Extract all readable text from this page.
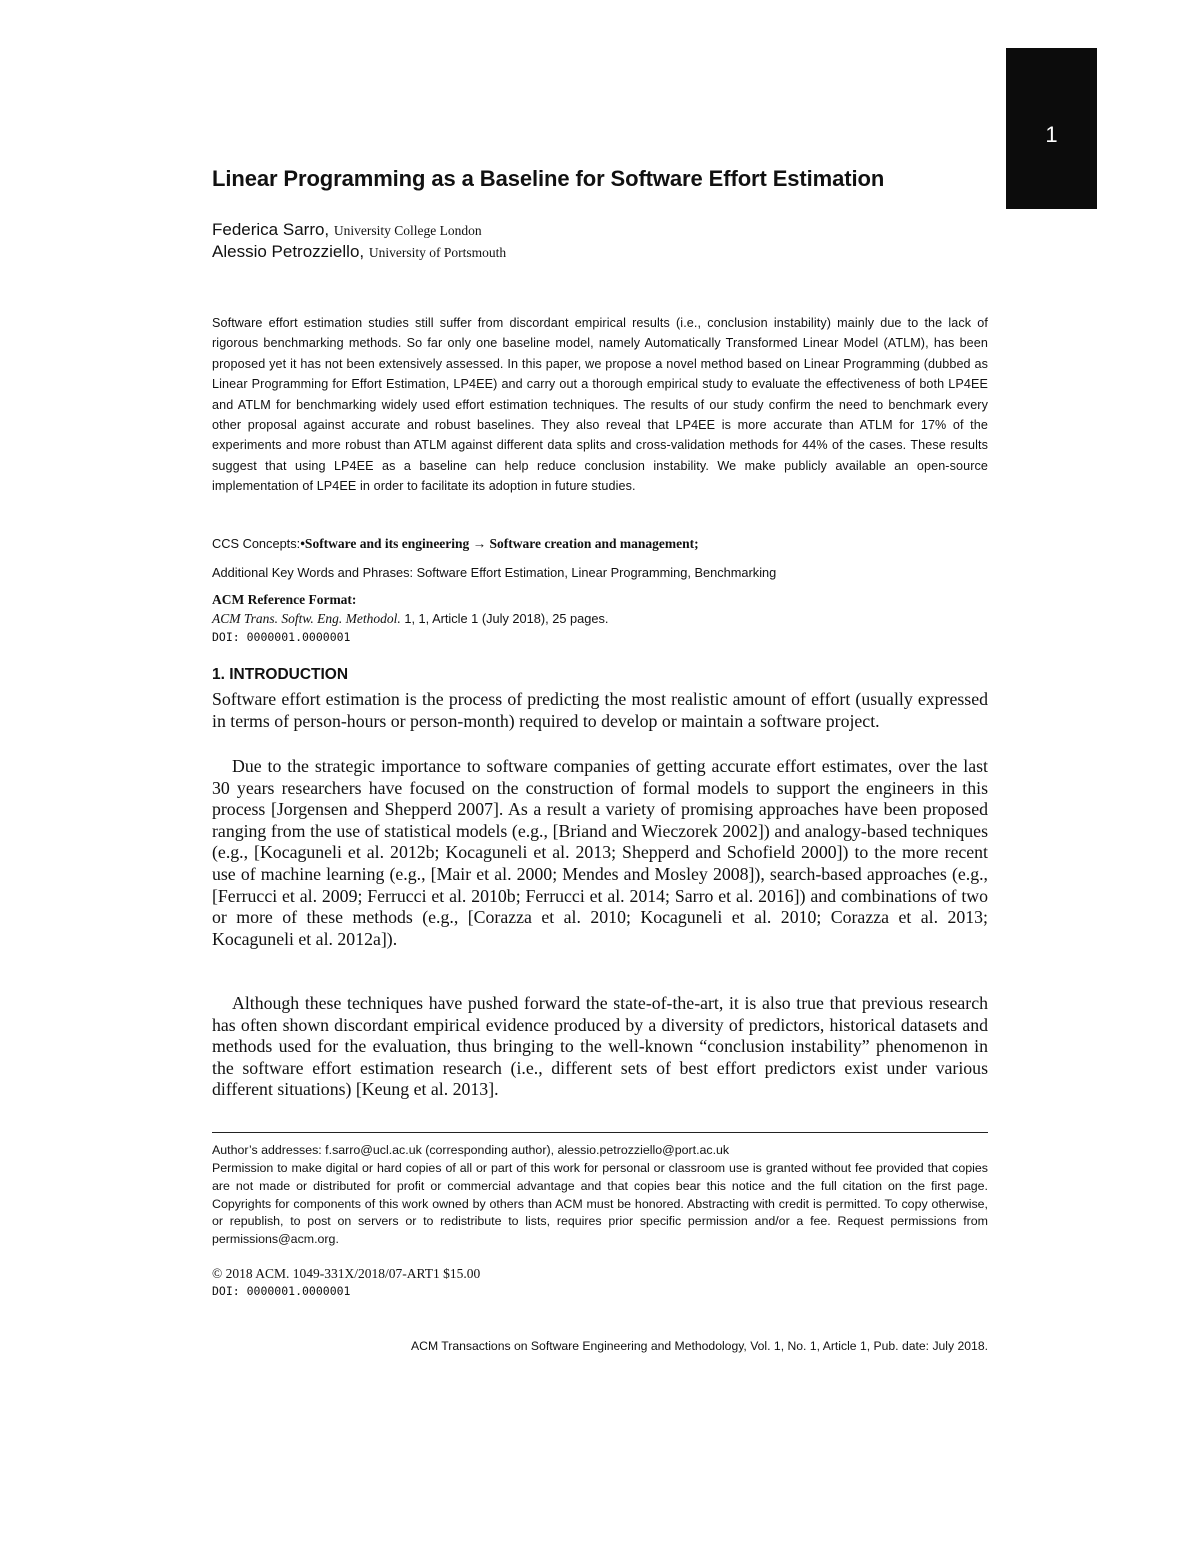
1
Linear Programming as a Baseline for Software Effort Estimation
Federica Sarro, University College London
Alessio Petrozziello, University of Portsmouth
Software effort estimation studies still suffer from discordant empirical results (i.e., conclusion instability) mainly due to the lack of rigorous benchmarking methods. So far only one baseline model, namely Automatically Transformed Linear Model (ATLM), has been proposed yet it has not been extensively assessed. In this paper, we propose a novel method based on Linear Programming (dubbed as Linear Programming for Effort Estimation, LP4EE) and carry out a thorough empirical study to evaluate the effectiveness of both LP4EE and ATLM for benchmarking widely used effort estimation techniques. The results of our study confirm the need to benchmark every other proposal against accurate and robust baselines. They also reveal that LP4EE is more accurate than ATLM for 17% of the experiments and more robust than ATLM against different data splits and cross-validation methods for 44% of the cases. These results suggest that using LP4EE as a baseline can help reduce conclusion instability. We make publicly available an open-source implementation of LP4EE in order to facilitate its adoption in future studies.
CCS Concepts:•Software and its engineering → Software creation and management;
Additional Key Words and Phrases: Software Effort Estimation, Linear Programming, Benchmarking
ACM Reference Format:
ACM Trans. Softw. Eng. Methodol. 1, 1, Article 1 (July 2018), 25 pages.
DOI: 0000001.0000001
1. INTRODUCTION

Software effort estimation is the process of predicting the most realistic amount of effort (usually expressed in terms of person-hours or person-month) required to develop or maintain a software project.

Due to the strategic importance to software companies of getting accurate effort estimates, over the last 30 years researchers have focused on the construction of formal models to support the engineers in this process [Jorgensen and Shepperd 2007]. As a result a variety of promising approaches have been proposed ranging from the use of statistical models (e.g., [Briand and Wieczorek 2002]) and analogy-based techniques (e.g., [Kocaguneli et al. 2012b; Kocaguneli et al. 2013; Shepperd and Schofield 2000]) to the more recent use of machine learning (e.g., [Mair et al. 2000; Mendes and Mosley 2008]), search-based approaches (e.g., [Ferrucci et al. 2009; Ferrucci et al. 2010b; Ferrucci et al. 2014; Sarro et al. 2016]) and combinations of two or more of these methods (e.g., [Corazza et al. 2010; Kocaguneli et al. 2010; Corazza et al. 2013; Kocaguneli et al. 2012a]).

Although these techniques have pushed forward the state-of-the-art, it is also true that previous research has often shown discordant empirical evidence produced by a diversity of predictors, historical datasets and methods used for the evaluation, thus bringing to the well-known “conclusion instability” phenomenon in the software effort estimation research (i.e., different sets of best effort predictors exist under various different situations) [Keung et al. 2013].

Author’s addresses: f.sarro@ucl.ac.uk (corresponding author), alessio.petrozziello@port.ac.uk
Permission to make digital or hard copies of all or part of this work for personal or classroom use is granted without fee provided that copies are not made or distributed for profit or commercial advantage and that copies bear this notice and the full citation on the first page. Copyrights for components of this work owned by others than ACM must be honored. Abstracting with credit is permitted. To copy otherwise, or republish, to post on servers or to redistribute to lists, requires prior specific permission and/or a fee. Request permissions from permissions@acm.org.
© 2018 ACM. 1049-331X/2018/07-ART1 $15.00
DOI: 0000001.0000001
ACM Transactions on Software Engineering and Methodology, Vol. 1, No. 1, Article 1, Pub. date: July 2018.
